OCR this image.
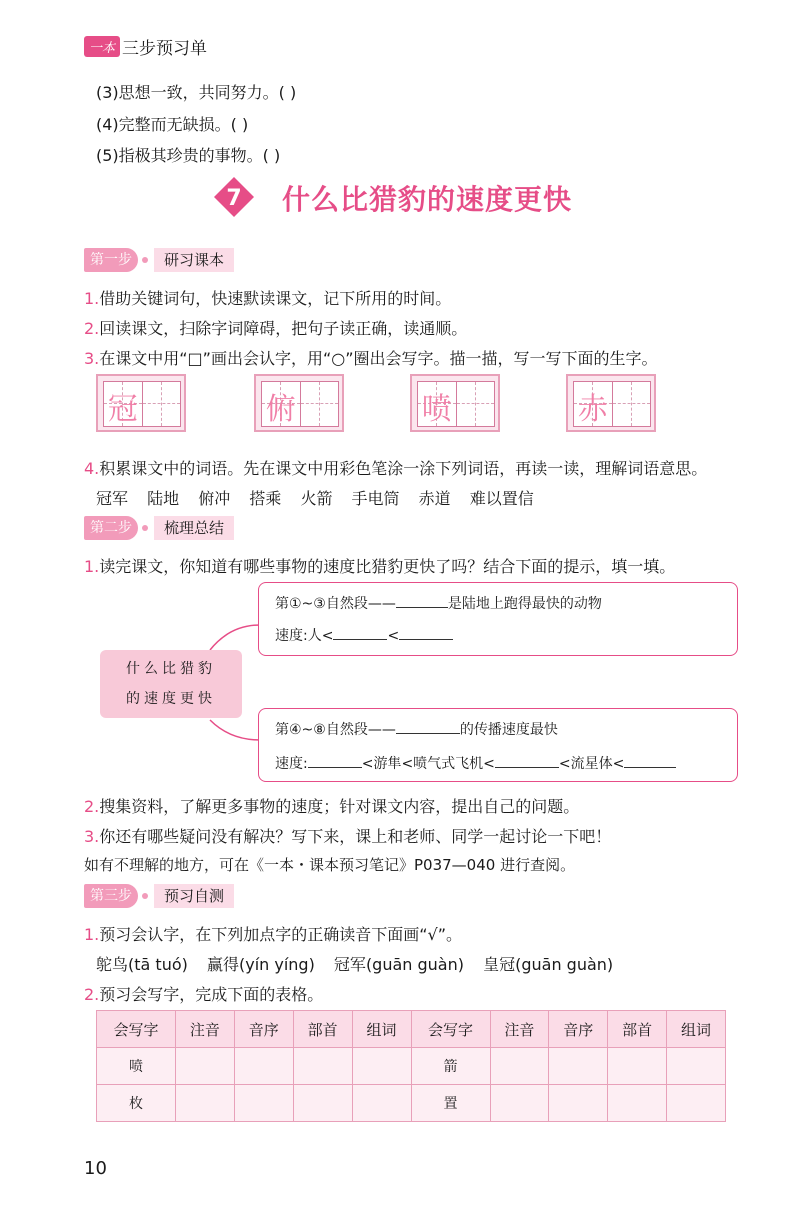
一本 三步预习单
(3)思想一致，共同努力。( )
(4)完整而无缺损。( )
(5)指极其珍贵的事物。( )
7 什么比猎豹的速度更快
第一步	研习课本
1.借助关键词句，快速默读课文，记下所用的时间。
2.回读课文，扫除字词障碍，把句子读正确，读通顺。
3.在课文中用“□”画出会认字，用“○”圈出会写字。描一描，写一写下面的生字。
冠	俯	喷	赤
4.积累课文中的词语。先在课文中用彩色笔涂一涂下列词语，再读一读，理解词语意思。
冠军 陆地 俯冲 搭乘 火箭 手电筒 赤道 难以置信
第二步	梳理总结
1.读完课文，你知道有哪些事物的速度比猎豹更快了吗？结合下面的提示，填一填。
什么比猎豹
的速度更快
第①~③自然段——	是陆地上跑得最快的动物
速度:人<	<
第④~⑧自然段——	的传播速度最快
速度:	<游隼<喷气式飞机<	<流星体<
2.搜集资料，了解更多事物的速度；针对课文内容，提出自己的问题。
3.你还有哪些疑问没有解决？写下来，课上和老师、同学一起讨论一下吧！
如有不理解的地方，可在《一本・课本预习笔记》P037—040 进行查阅。
第三步	预习自测
1.预习会认字，在下列加点字的正确读音下面画“√”。
鸵鸟(tā tuó) 赢得(yín yíng) 冠军(guān guàn) 皇冠(guān guàn)
2.预习会写字，完成下面的表格。
会写字	注音	音序	部首	组词	会写字	注音	音序	部首	组词
喷					箭				
枚					置				
10
